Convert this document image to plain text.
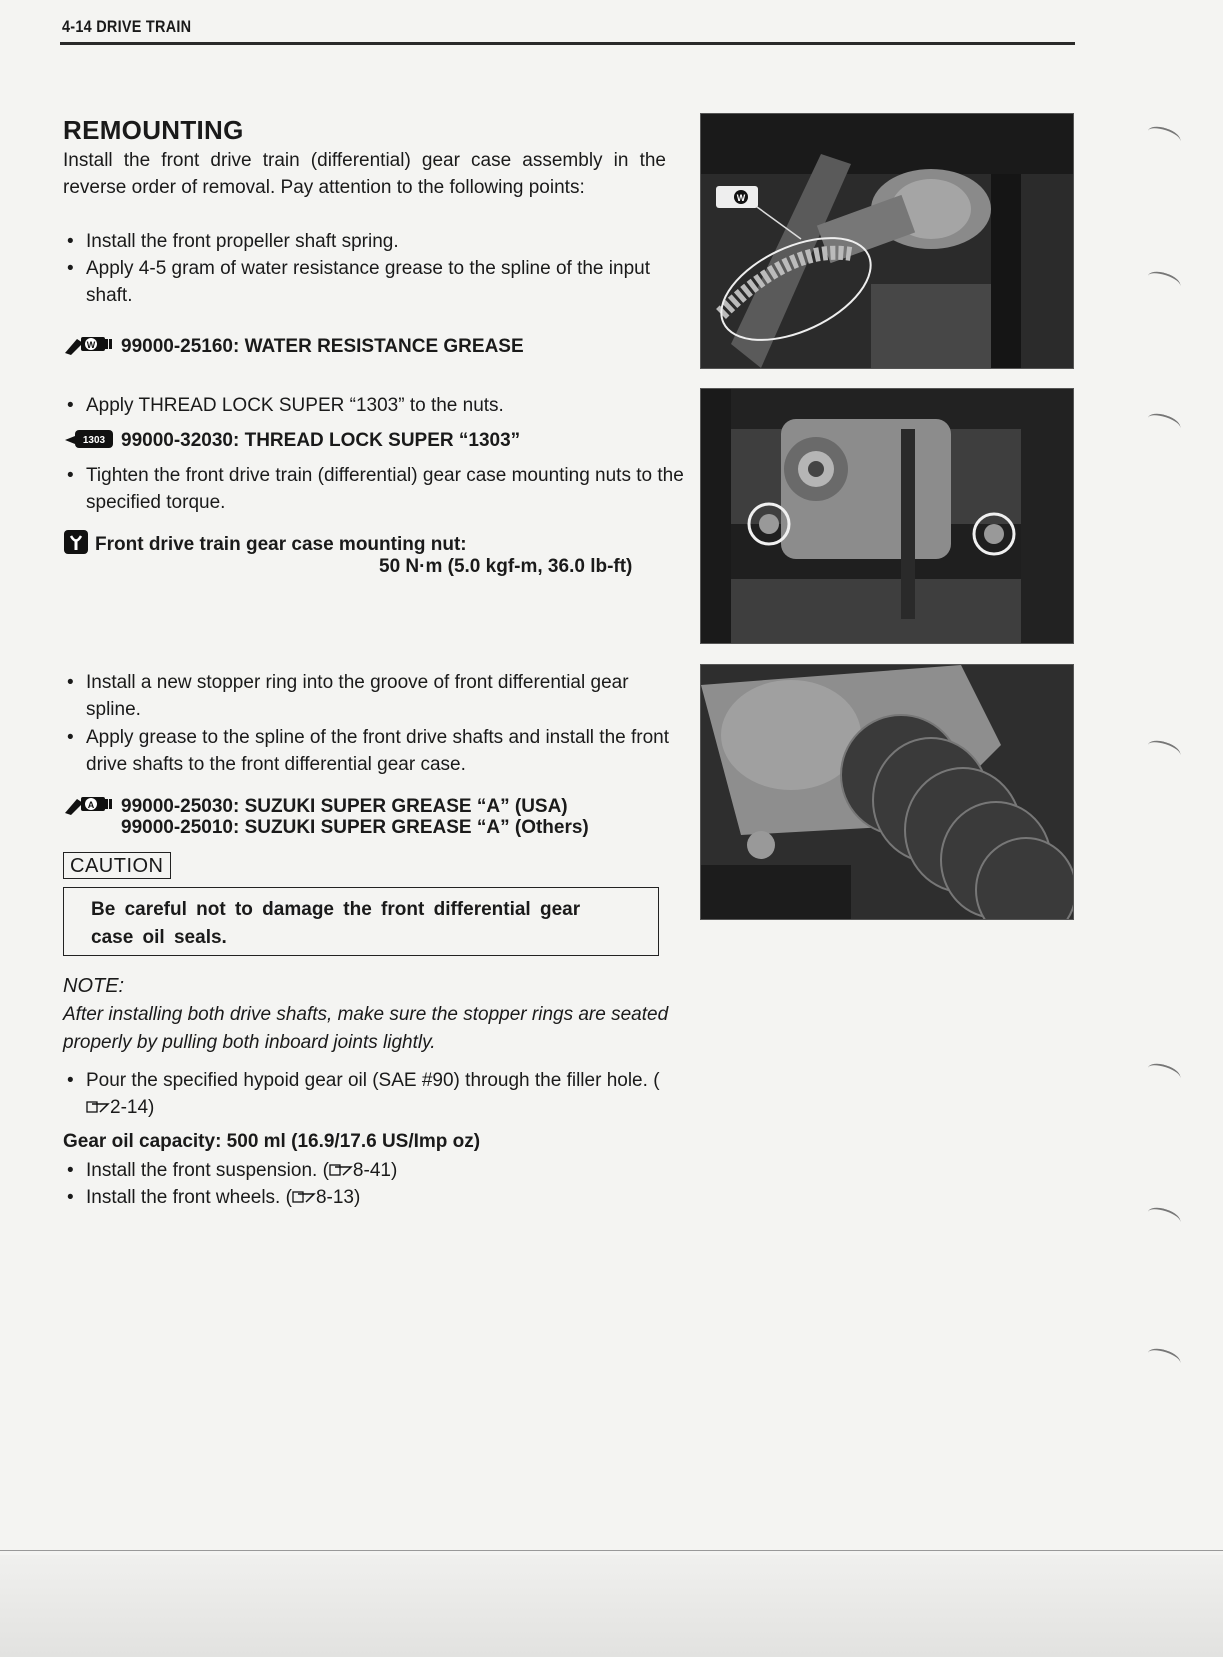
4-14 DRIVE TRAIN
REMOUNTING
Install the front drive train (differential) gear case assembly in the reverse order of removal. Pay attention to the following points:
• Install the front propeller shaft spring.
• Apply 4-5 gram of water resistance grease to the spline of the input shaft.
W 99000-25160: WATER RESISTANCE GREASE
• Apply THREAD LOCK SUPER “1303” to the nuts.
1303 99000-32030: THREAD LOCK SUPER “1303”
• Tighten the front drive train (differential) gear case mounting nuts to the specified torque.
Front drive train gear case mounting nut:
50 N·m (5.0 kgf-m, 36.0 lb-ft)
• Install a new stopper ring into the groove of front differential gear spline.
• Apply grease to the spline of the front drive shafts and install the front drive shafts to the front differential gear case.
A 99000-25030: SUZUKI SUPER GREASE “A” (USA)
99000-25010: SUZUKI SUPER GREASE “A” (Others)
CAUTION
Be careful not to damage the front differential gear case oil seals.
NOTE:
After installing both drive shafts, make sure the stopper rings are seated properly by pulling both inboard joints lightly.
• Pour the specified hypoid gear oil (SAE #90) through the filler hole. (2-14)
Gear oil capacity: 500 ml (16.9/17.6 US/Imp oz)
• Install the front suspension. ( 8-41)
• Install the front wheels. ( 8-13)
W
